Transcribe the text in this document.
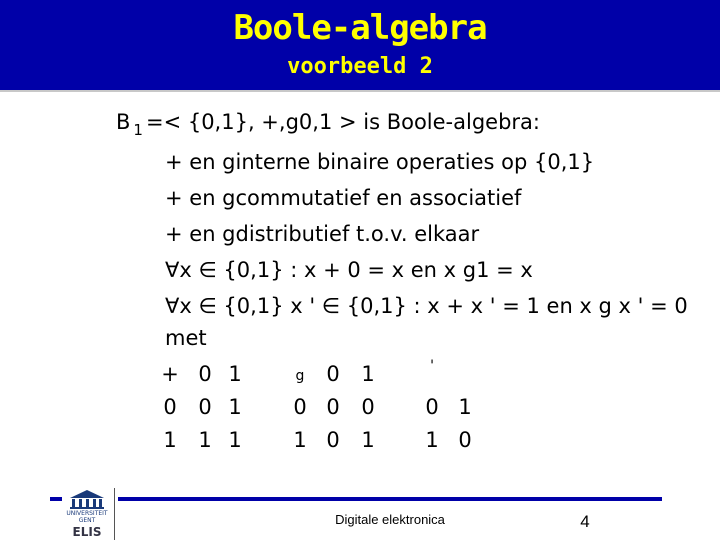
Boole-algebra
voorbeeld 2
B $_1$ =< {0,1}, +,g0,1 > is Boole-algebra:
+ en ginterne binaire operaties op {0,1}
+ en gcommutatief en associatief
+ en gdistributief t.o.v. elkaar
∀x ∈ {0,1} : x + 0 = x en x g1 = x
∀x ∈ {0,1} x ' ∈ {0,1} : x + x ' = 1 en x g x ' = 0
met
+ 0 1
0 0 1
1 1 1
g 0 1
0 0 0
1 0 1
'
0 1
1 0
UNIVERSITEIT
GENT
ELIS
Digitale elektronica	4
